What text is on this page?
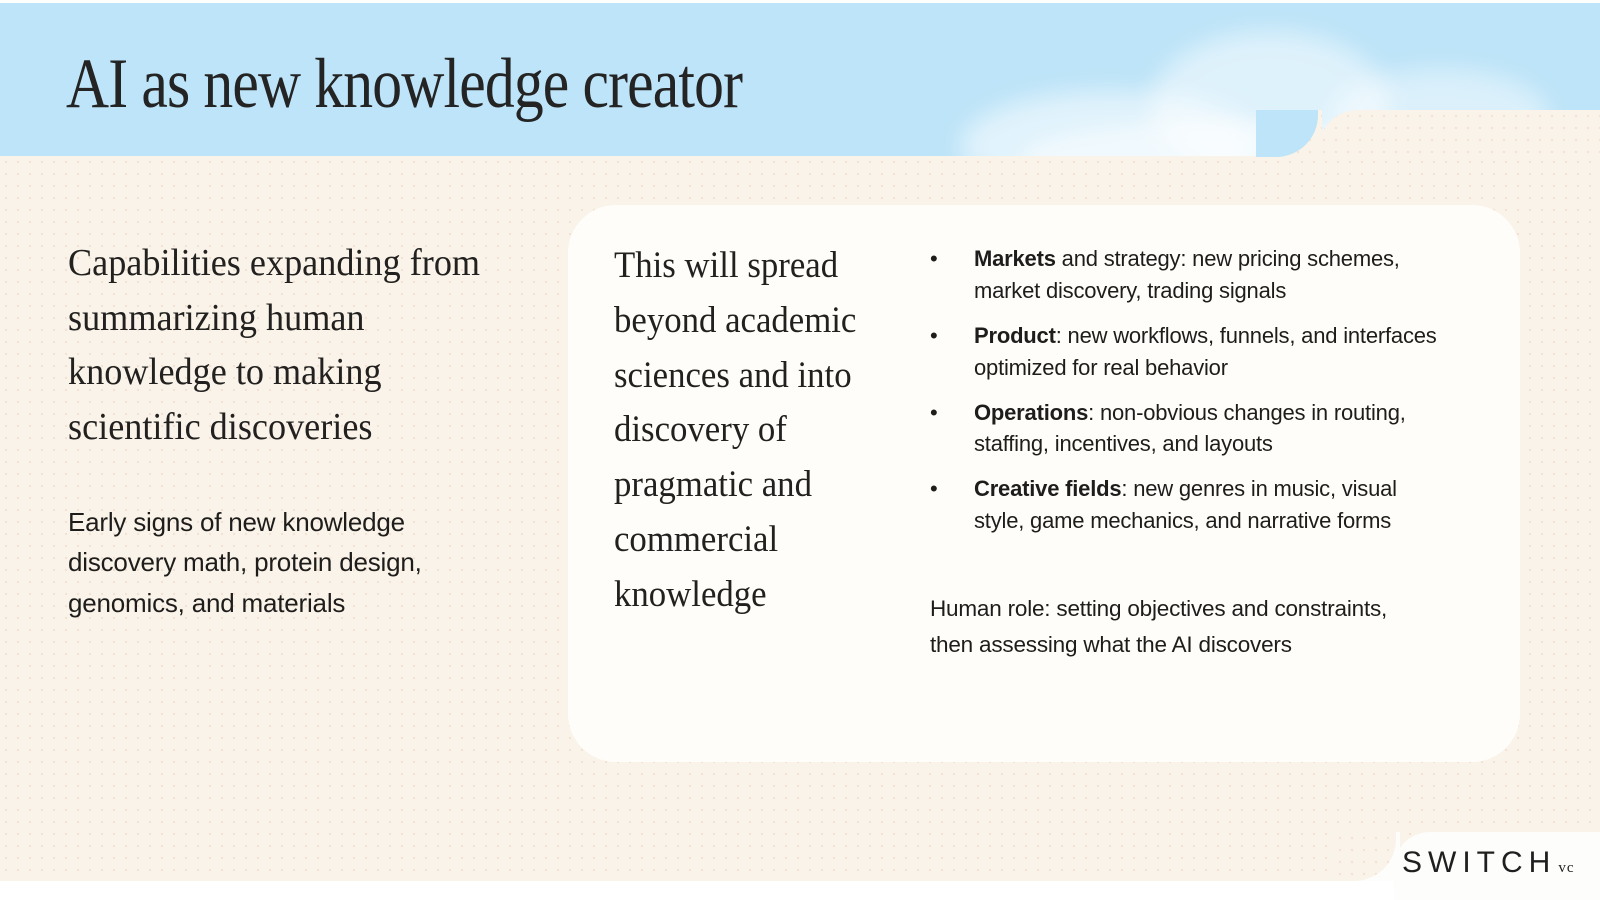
AI as new knowledge creator
Capabilities expanding from summarizing human knowledge to making scientific discoveries
Early signs of new knowledge discovery math, protein design, genomics, and materials
This will spread beyond academic sciences and into discovery of pragmatic and commercial knowledge
•	Markets and strategy: new pricing schemes, market discovery, trading signals
•	Product: new workflows, funnels, and interfaces optimized for real behavior
•	Operations: non-obvious changes in routing, staffing, incentives, and layouts
•	Creative fields: new genres in music, visual style, game mechanics, and narrative forms
Human role: setting objectives and constraints, then assessing what the AI discovers
SWITCH vc
